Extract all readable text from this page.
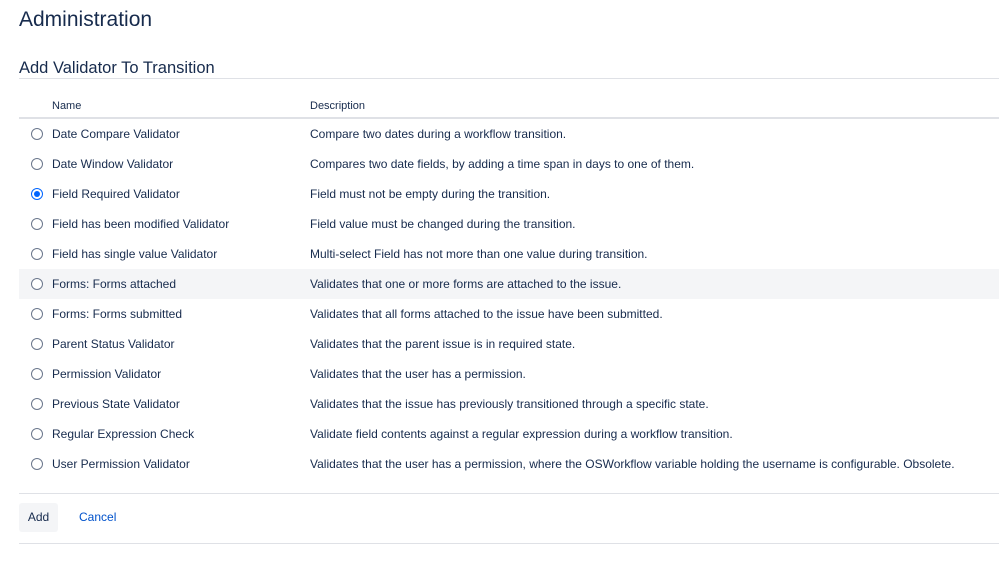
Administration
Add Validator To Transition
Name	Description
Date Compare Validator	Compare two dates during a workflow transition.
Date Window Validator	Compares two date fields, by adding a time span in days to one of them.
Field Required Validator	Field must not be empty during the transition.
Field has been modified Validator	Field value must be changed during the transition.
Field has single value Validator	Multi-select Field has not more than one value during transition.
Forms: Forms attached	Validates that one or more forms are attached to the issue.
Forms: Forms submitted	Validates that all forms attached to the issue have been submitted.
Parent Status Validator	Validates that the parent issue is in required state.
Permission Validator	Validates that the user has a permission.
Previous State Validator	Validates that the issue has previously transitioned through a specific state.
Regular Expression Check	Validate field contents against a regular expression during a workflow transition.
User Permission Validator	Validates that the user has a permission, where the OSWorkflow variable holding the username is configurable. Obsolete.
Add	Cancel
